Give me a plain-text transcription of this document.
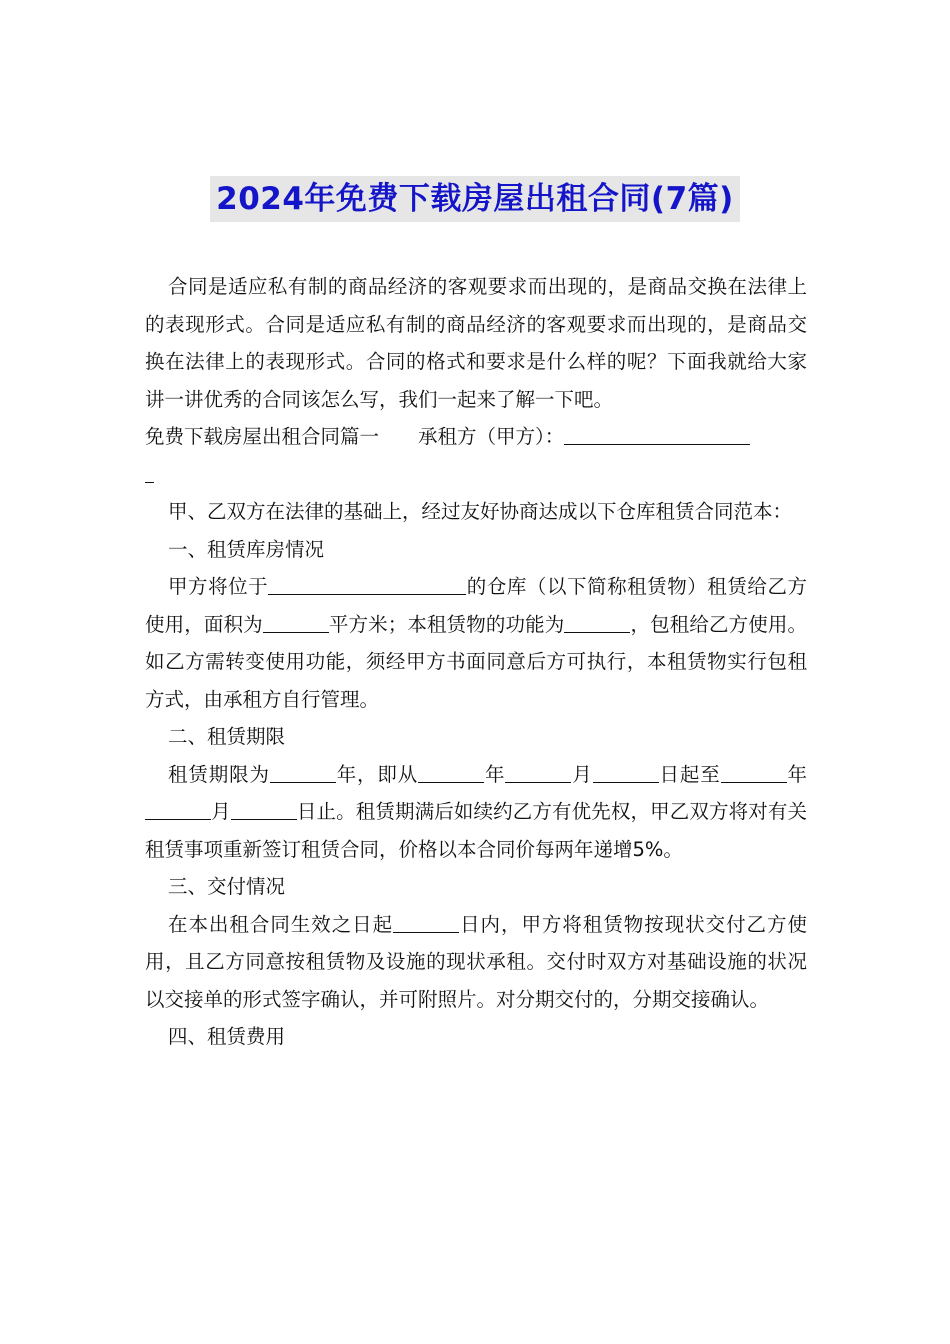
2024年免费下载房屋出租合同(7篇)

合同是适应私有制的商品经济的客观要求而出现的，是商品交换在法律上的表现形式。合同是适应私有制的商品经济的客观要求而出现的，是商品交换在法律上的表现形式。合同的格式和要求是什么样的呢？下面我就给大家讲一讲优秀的合同该怎么写，我们一起来了解一下吧。

免费下载房屋出租合同篇一　　 承租方（甲方）：

甲、乙双方在法律的基础上，经过友好协商达成以下仓库租赁合同范本：

一、租赁库房情况

甲方将位于	的仓库（以下简称租赁物）租赁给乙方使用，面积为	平方米；本租赁物的功能为	，包租给乙方使用。如乙方需转变使用功能，须经甲方书面同意后方可执行，本租赁物实行包租方式，由承租方自行管理。

二、租赁期限

租赁期限为	年，即从	年	月	日起至	年月	日止。租赁期满后如续约乙方有优先权，甲乙双方将对有关租赁事项重新签订租赁合同，价格以本合同价每两年递增5%。

三、交付情况

在本出租合同生效之日起	日内，甲方将租赁物按现状交付乙方使用，且乙方同意按租赁物及设施的现状承租。交付时双方对基础设施的状况以交接单的形式签字确认，并可附照片。对分期交付的，分期交接确认。

四、租赁费用
